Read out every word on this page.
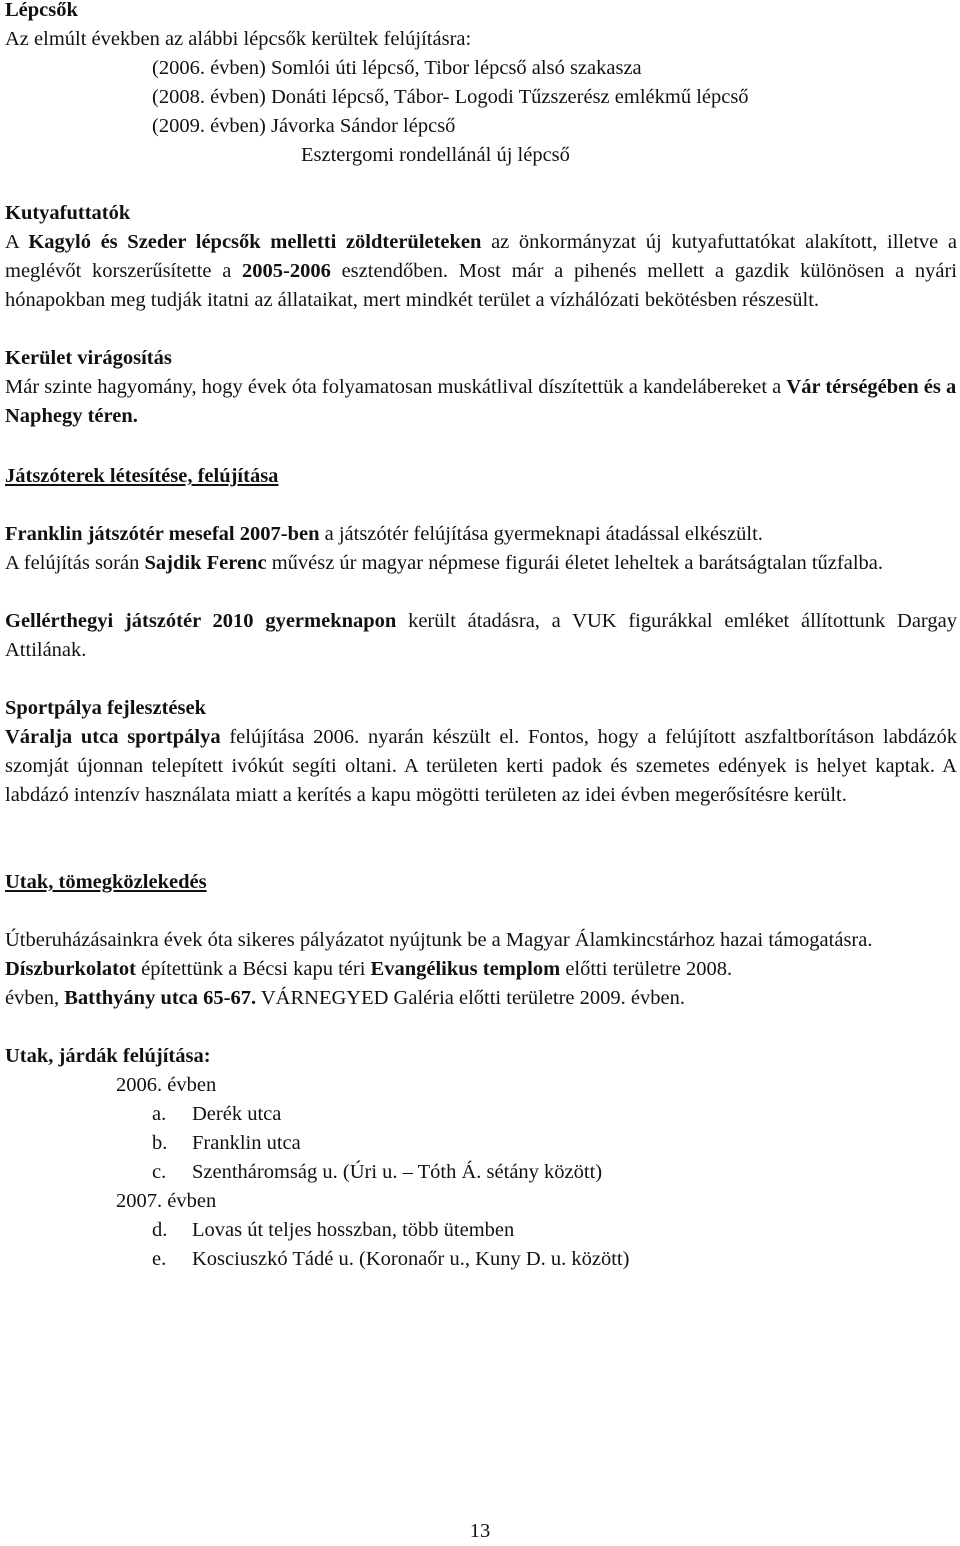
Lépcsők
Az elmúlt években az alábbi lépcsők kerültek felújításra:
(2006. évben) Somlói úti lépcső, Tibor lépcső alsó szakasza
(2008. évben) Donáti lépcső, Tábor- Logodi Tűzszerész emlékmű lépcső
(2009. évben) Jávorka Sándor lépcső
Esztergomi rondellánál új lépcső
Kutyafuttatók
A Kagyló és Szeder lépcsők melletti zöldterületeken az önkormányzat új kutyafuttatókat alakított, illetve a meglévőt korszerűsítette a 2005-2006 esztendőben. Most már a pihenés mellett a gazdik különösen a nyári hónapokban meg tudják itatni az állataikat, mert mindkét terület a vízhálózati bekötésben részesült.
Kerület virágosítás
Már szinte hagyomány, hogy évek óta folyamatosan muskátlival díszítettük a kandelábereket a Vár térségében és a Naphegy téren.
Játszóterek létesítése, felújítása
Franklin játszótér mesefal 2007-ben a játszótér felújítása gyermeknapi átadással elkészült.
A felújítás során Sajdik Ferenc művész úr magyar népmese figurái életet leheltek a barátságtalan tűzfalba.
Gellérthegyi játszótér 2010 gyermeknapon került átadásra, a VUK figurákkal emléket állítottunk Dargay Attilának.
Sportpálya fejlesztések
Váralja utca sportpálya felújítása 2006. nyarán készült el. Fontos, hogy a felújított aszfaltborításon labdázók szomját újonnan telepített ivókút segíti oltani. A területen kerti padok és szemetes edények is helyet kaptak. A labdázó intenzív használata miatt a kerítés a kapu mögötti területen az idei évben megerősítésre került.
Utak, tömegközlekedés
Útberuházásainkra évek óta sikeres pályázatot nyújtunk be a Magyar Álamkincstárhoz hazai támogatásra.
Díszburkolatot építettünk a Bécsi kapu téri Evangélikus templom előtti területre 2008.
évben, Batthyány utca 65-67. VÁRNEGYED Galéria előtti területre 2009. évben.
Utak, járdák felújítása:
2006. évben
a. Derék utca
b. Franklin utca
c. Szentháromság u. (Úri u. – Tóth Á. sétány között)
2007. évben
d. Lovas út teljes hosszban, több ütemben
e. Kosciuszkó Tádé u. (Koronaőr u., Kuny D. u. között)
13
